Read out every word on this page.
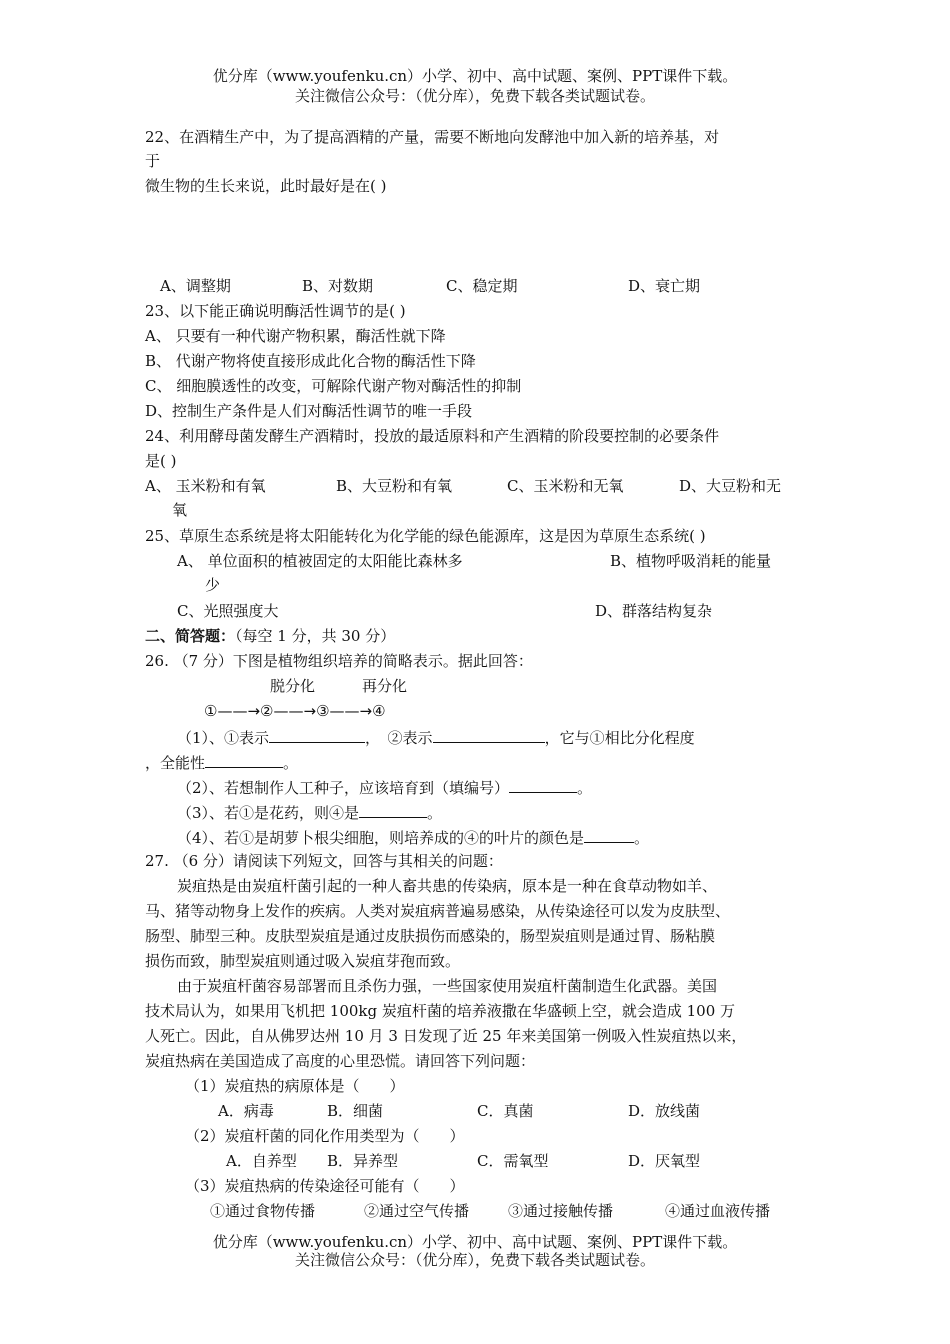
优分库（www.youfenku.cn）小学、初中、高中试题、案例、PPT课件下载。
关注微信公众号：（优分库），免费下载各类试题试卷。
22、在酒精生产中，为了提高酒精的产量，需要不断地向发酵池中加入新的培养基，对
于
微生物的生长来说，此时最好是在( )
A、调整期	B、对数期	C、稳定期	D、衰亡期
23、以下能正确说明酶活性调节的是( )
A、 只要有一种代谢产物积累，酶活性就下降
B、 代谢产物将使直接形成此化合物的酶活性下降
C、 细胞膜透性的改变，可解除代谢产物对酶活性的抑制
D、控制生产条件是人们对酶活性调节的唯一手段
24、利用酵母菌发酵生产酒精时，投放的最适原料和产生酒精的阶段要控制的必要条件
是( )
A、 玉米粉和有氧	B、大豆粉和有氧	C、玉米粉和无氧	D、大豆粉和无
氧
25、草原生态系统是将太阳能转化为化学能的绿色能源库，这是因为草原生态系统( )
A、 单位面积的植被固定的太阳能比森林多	B、植物呼吸消耗的能量
少
C、光照强度大	D、群落结构复杂
二、简答题：（每空 1 分，共 30 分）
26. （7 分）下图是植物组织培养的简略表示。据此回答：
脱分化	再分化
①——→②——→③——→④
（1）、①表示	，　②表示	，它与①相比分化程度
，全能性	。
（2）、若想制作人工种子，应该培育到（填编号）	。
（3）、若①是花药，则④是	。
（4）、若①是胡萝卜根尖细胞，则培养成的④的叶片的颜色是	。
27. （6 分）请阅读下列短文，回答与其相关的问题：
炭疽热是由炭疽杆菌引起的一种人畜共患的传染病，原本是一种在食草动物如羊、
马、猪等动物身上发作的疾病。人类对炭疽病普遍易感染，从传染途径可以发为皮肤型、
肠型、肺型三种。皮肤型炭疽是通过皮肤损伤而感染的，肠型炭疽则是通过胃、肠粘膜
损伤而致，肺型炭疽则通过吸入炭疽芽孢而致。
由于炭疽杆菌容易部署而且杀伤力强，一些国家使用炭疽杆菌制造生化武器。美国
技术局认为，如果用飞机把 100kg 炭疽杆菌的培养液撒在华盛顿上空，就会造成 100 万
人死亡。因此，自从佛罗达州 10 月 3 日发现了近 25 年来美国第一例吸入性炭疽热以来，
炭疽热病在美国造成了高度的心里恐慌。请回答下列问题：
（1）炭疽热的病原体是（　　）
A．病毒	B．细菌	C．真菌	D．放线菌
（2）炭疽杆菌的同化作用类型为（　　）
A．自养型 B．异养型	C．需氧型	D．厌氧型
（3）炭疽热病的传染途径可能有（　　）
①通过食物传播	②通过空气传播	③通过接触传播	④通过血液传播
优分库（www.youfenku.cn）小学、初中、高中试题、案例、PPT课件下载。
关注微信公众号：（优分库），免费下载各类试题试卷。
